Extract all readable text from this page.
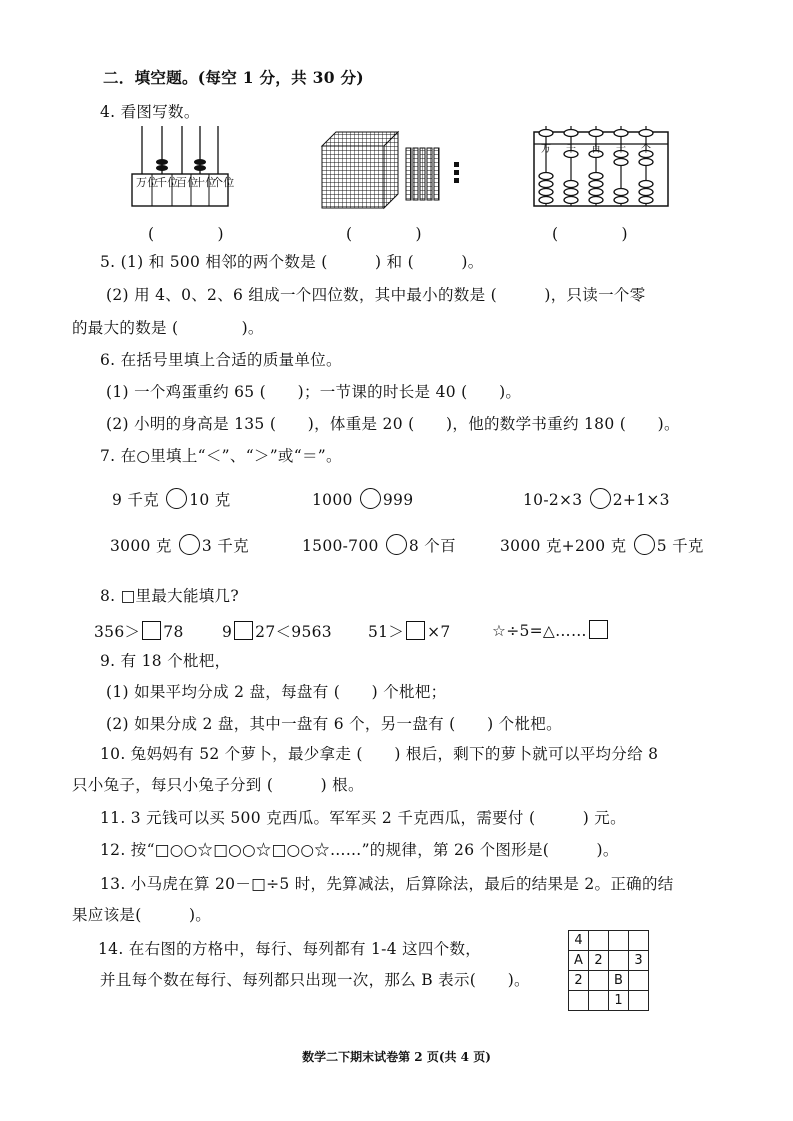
二．填空题。(每空 1 分，共 30 分)
4. 看图写数。
万位
千位
百位
十位
个位
万 千 百 十 个
(　　　　)	(　　　　)	(　　　　)
5. (1) 和 500 相邻的两个数是 (　　　) 和 (　　　)。
(2) 用 4、0、2、6 组成一个四位数，其中最小的数是 (　　　)，只读一个零
的最大的数是 (　　　　)。
6. 在括号里填上合适的质量单位。
(1) 一个鸡蛋重约 65 (　　)；一节课的时长是 40 (　　)。
(2) 小明的身高是 135 (　　)，体重是 20 (　　)，他的数学书重约 180 (　　)。
7. 在○里填上“＜”、“＞”或“＝”。
9 千克 10 克	1000 999	10-2×3 2+1×3
3000 克 3 千克	1500-700 8 个百	3000 克+200 克 5 千克
8. □里最大能填几?
356＞ 78 9 27＜9563 51＞ ×7	☆÷5=△……
9. 有 18 个枇杷，
(1) 如果平均分成 2 盘，每盘有 (　　) 个枇杷；
(2) 如果分成 2 盘，其中一盘有 6 个，另一盘有 (　　) 个枇杷。
10. 兔妈妈有 52 个萝卜，最少拿走 (　　) 根后，剩下的萝卜就可以平均分给 8
只小兔子，每只小兔子分到 (　　　) 根。
11. 3 元钱可以买 500 克西瓜。军军买 2 千克西瓜，需要付 (　　　) 元。
12. 按“□○○☆□○○☆□○○☆……”的规律，第 26 个图形是(　　　)。
13. 小马虎在算 20－□÷5 时，先算减法，后算除法，最后的结果是 2。正确的结
果应该是(　　　)。
14. 在右图的方格中，每行、每列都有 1-4 这四个数，
并且每个数在每行、每列都只出现一次，那么 B 表示(　　)。
4			
A	2		3
2		B	
		1	
数学二下期末试卷第 2 页(共 4 页)
